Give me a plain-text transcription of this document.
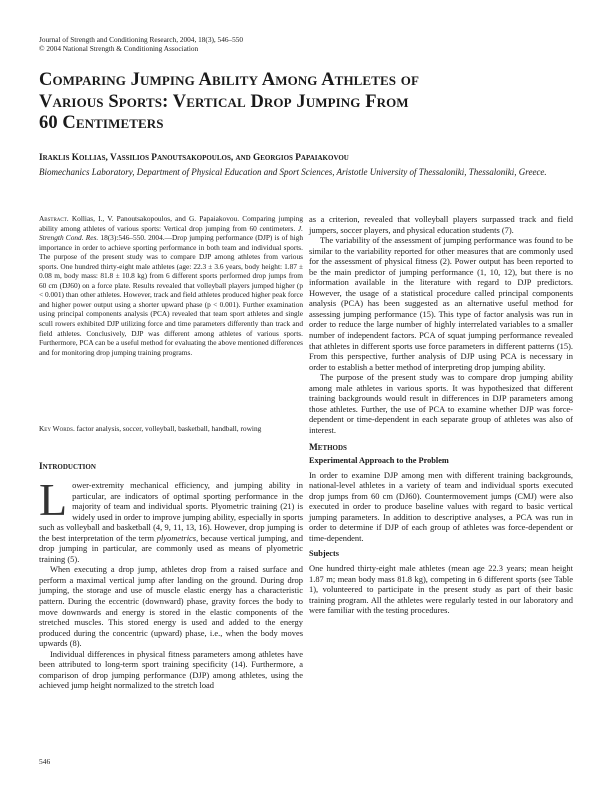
Journal of Strength and Conditioning Research, 2004, 18(3), 546–550
© 2004 National Strength & Conditioning Association
Comparing Jumping Ability Among Athletes of
Various Sports: Vertical Drop Jumping From
60 Centimeters
Iraklis Kollias, Vassilios Panoutsakopoulos, and Georgios Papaiakovou
Biomechanics Laboratory, Department of Physical Education and Sport Sciences, Aristotle University of Thessaloniki, Thessaloniki, Greece.
Abstract. Kollias, I., V. Panoutsakopoulos, and G. Papaiakovou. Comparing jumping ability among athletes of various sports: Vertical drop jumping from 60 centimeters. J. Strength Cond. Res. 18(3):546–550. 2004.—Drop jumping performance (DJP) is of high importance in order to achieve sporting performance in both team and individual sports. The purpose of the present study was to compare DJP among athletes from various sports. One hundred thirty-eight male athletes (age: 22.3 ± 3.6 years, body height: 1.87 ± 0.08 m, body mass: 81.8 ± 10.8 kg) from 6 different sports performed drop jumps from 60 cm (DJ60) on a force plate. Results revealed that volleyball players jumped higher (p < 0.001) than other athletes. However, track and field athletes produced higher peak force and higher power output using a shorter upward phase (p < 0.001). Further examination using principal components analysis (PCA) revealed that team sport athletes and single scull rowers exhibited DJP utilizing force and time parameters differently than track and field athletes. Conclusively, DJP was different among athletes of various sports. Furthermore, PCA can be a useful method for evaluating the above mentioned differences and for monitoring drop jumping training programs.
Key Words. factor analysis, soccer, volleyball, basketball, handball, rowing
Introduction

Lower-extremity mechanical efficiency, and jumping ability in particular, are indicators of optimal sporting performance in the majority of team and individual sports. Plyometric training (21) is widely used in order to improve jumping ability, especially in sports such as volleyball and basketball (4, 9, 11, 13, 16). However, drop jumping is the best interpretation of the term plyometrics, because vertical jumping, and drop jumping in particular, are commonly used as means of plyometric training (5).

When executing a drop jump, athletes drop from a raised surface and perform a maximal vertical jump after landing on the ground. During drop jumping, the storage and use of muscle elastic energy has a characteristic pattern. During the eccentric (downward) phase, gravity forces the body to move downwards and energy is stored in the elastic components of the stretched muscles. This stored energy is used and added to the energy produced during the concentric (upward) phase, i.e., when the body moves upwards (8).

Individual differences in physical fitness parameters among athletes have been attributed to long-term sport training specificity (14). Furthermore, a comparison of drop jumping performance (DJP) among athletes, using the achieved jump height normalized to the stretch load

as a criterion, revealed that volleyball players surpassed track and field jumpers, soccer players, and physical education students (7).

The variability of the assessment of jumping performance was found to be similar to the variability reported for other measures that are commonly used for the assessment of physical fitness (2). Power output has been reported to be the main predictor of jumping performance (1, 10, 12), but there is no information available in the literature with regard to DJP predictors. However, the usage of a statistical procedure called principal components analysis (PCA) has been suggested as an alternative useful method for assessing jumping performance (15). This type of factor analysis was run in order to reduce the large number of highly interrelated variables to a smaller number of independent factors. PCA of squat jumping performance revealed that athletes in different sports use force parameters in different patterns (15). From this perspective, further analysis of DJP using PCA is necessary in order to establish a better method of interpreting drop jumping ability.

The purpose of the present study was to compare drop jumping ability among male athletes in various sports. It was hypothesized that different training backgrounds would result in differences in DJP parameters among those athletes. Further, the use of PCA to examine whether DJP was force-dependent or time-dependent in each separate group of athletes was also of interest.

Methods
Experimental Approach to the Problem

In order to examine DJP among men with different training backgrounds, national-level athletes in a variety of team and individual sports executed drop jumps from 60 cm (DJ60). Countermovement jumps (CMJ) were also executed in order to produce baseline values with regard to basic vertical jumping parameters. In addition to descriptive analyses, a PCA was run in order to determine if DJP of each group of athletes was force-dependent or time-dependent.

Subjects

One hundred thirty-eight male athletes (mean age 22.3 years; mean height 1.87 m; mean body mass 81.8 kg), competing in 6 different sports (see Table 1), volunteered to participate in the present study as part of their basic training program. All the athletes were regularly tested in our laboratory and were familiar with the testing procedures.

546
